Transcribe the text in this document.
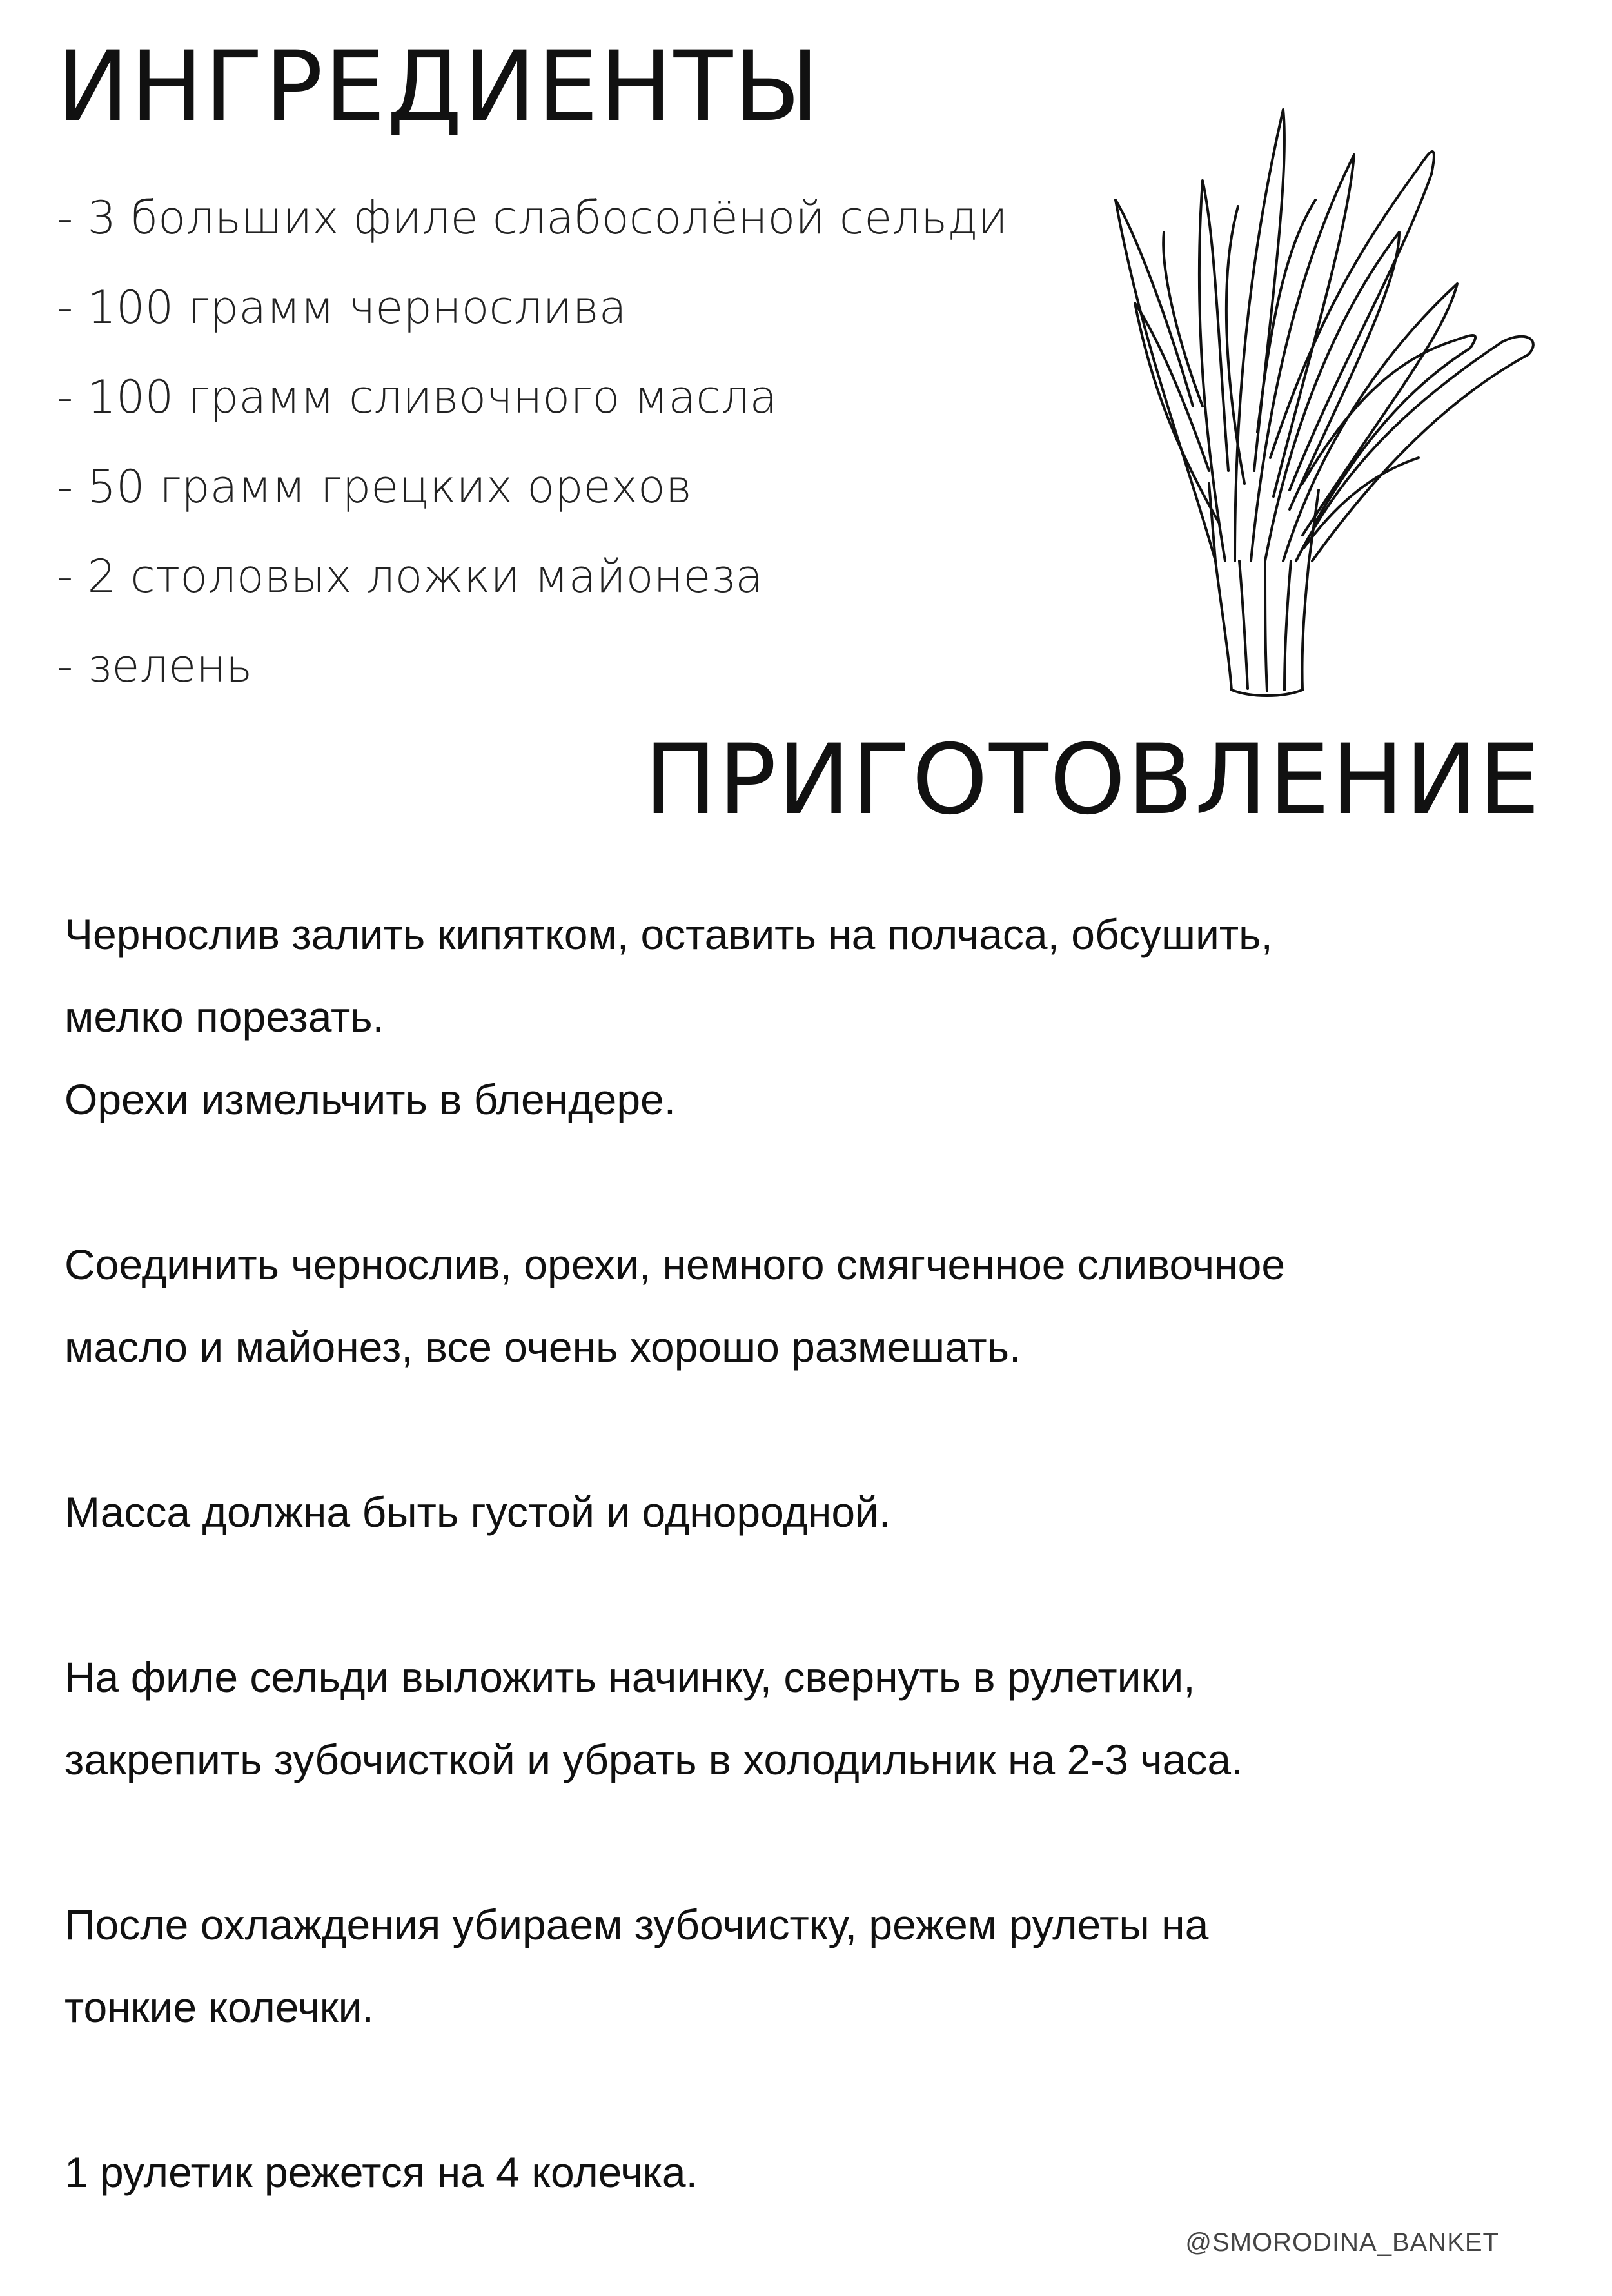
ИНГРЕДИЕНТЫ
- 3 больших филе слабосолёной сельди
- 100 грамм чернослива
- 100 грамм сливочного масла
- 50 грамм грецких орехов
- 2 столовых ложки майонеза
- зелень
ПРИГОТОВЛЕНИЕ

Чернослив залить кипятком, оставить на полчаса, обсушить,
мелко порезать.
Орехи измельчить в блендере.

Соединить чернослив, орехи, немного смягченное сливочное
масло и майонез, все очень хорошо размешать.

Масса должна быть густой и однородной.

На филе сельди выложить начинку, свернуть в рулетики,
закрепить зубочисткой и убрать в холодильник на 2-3 часа.

После охлаждения убираем зубочистку, режем рулеты на
тонкие колечки.

1 рулетик режется на 4 колечка.

@SMORODINA_BANKET
